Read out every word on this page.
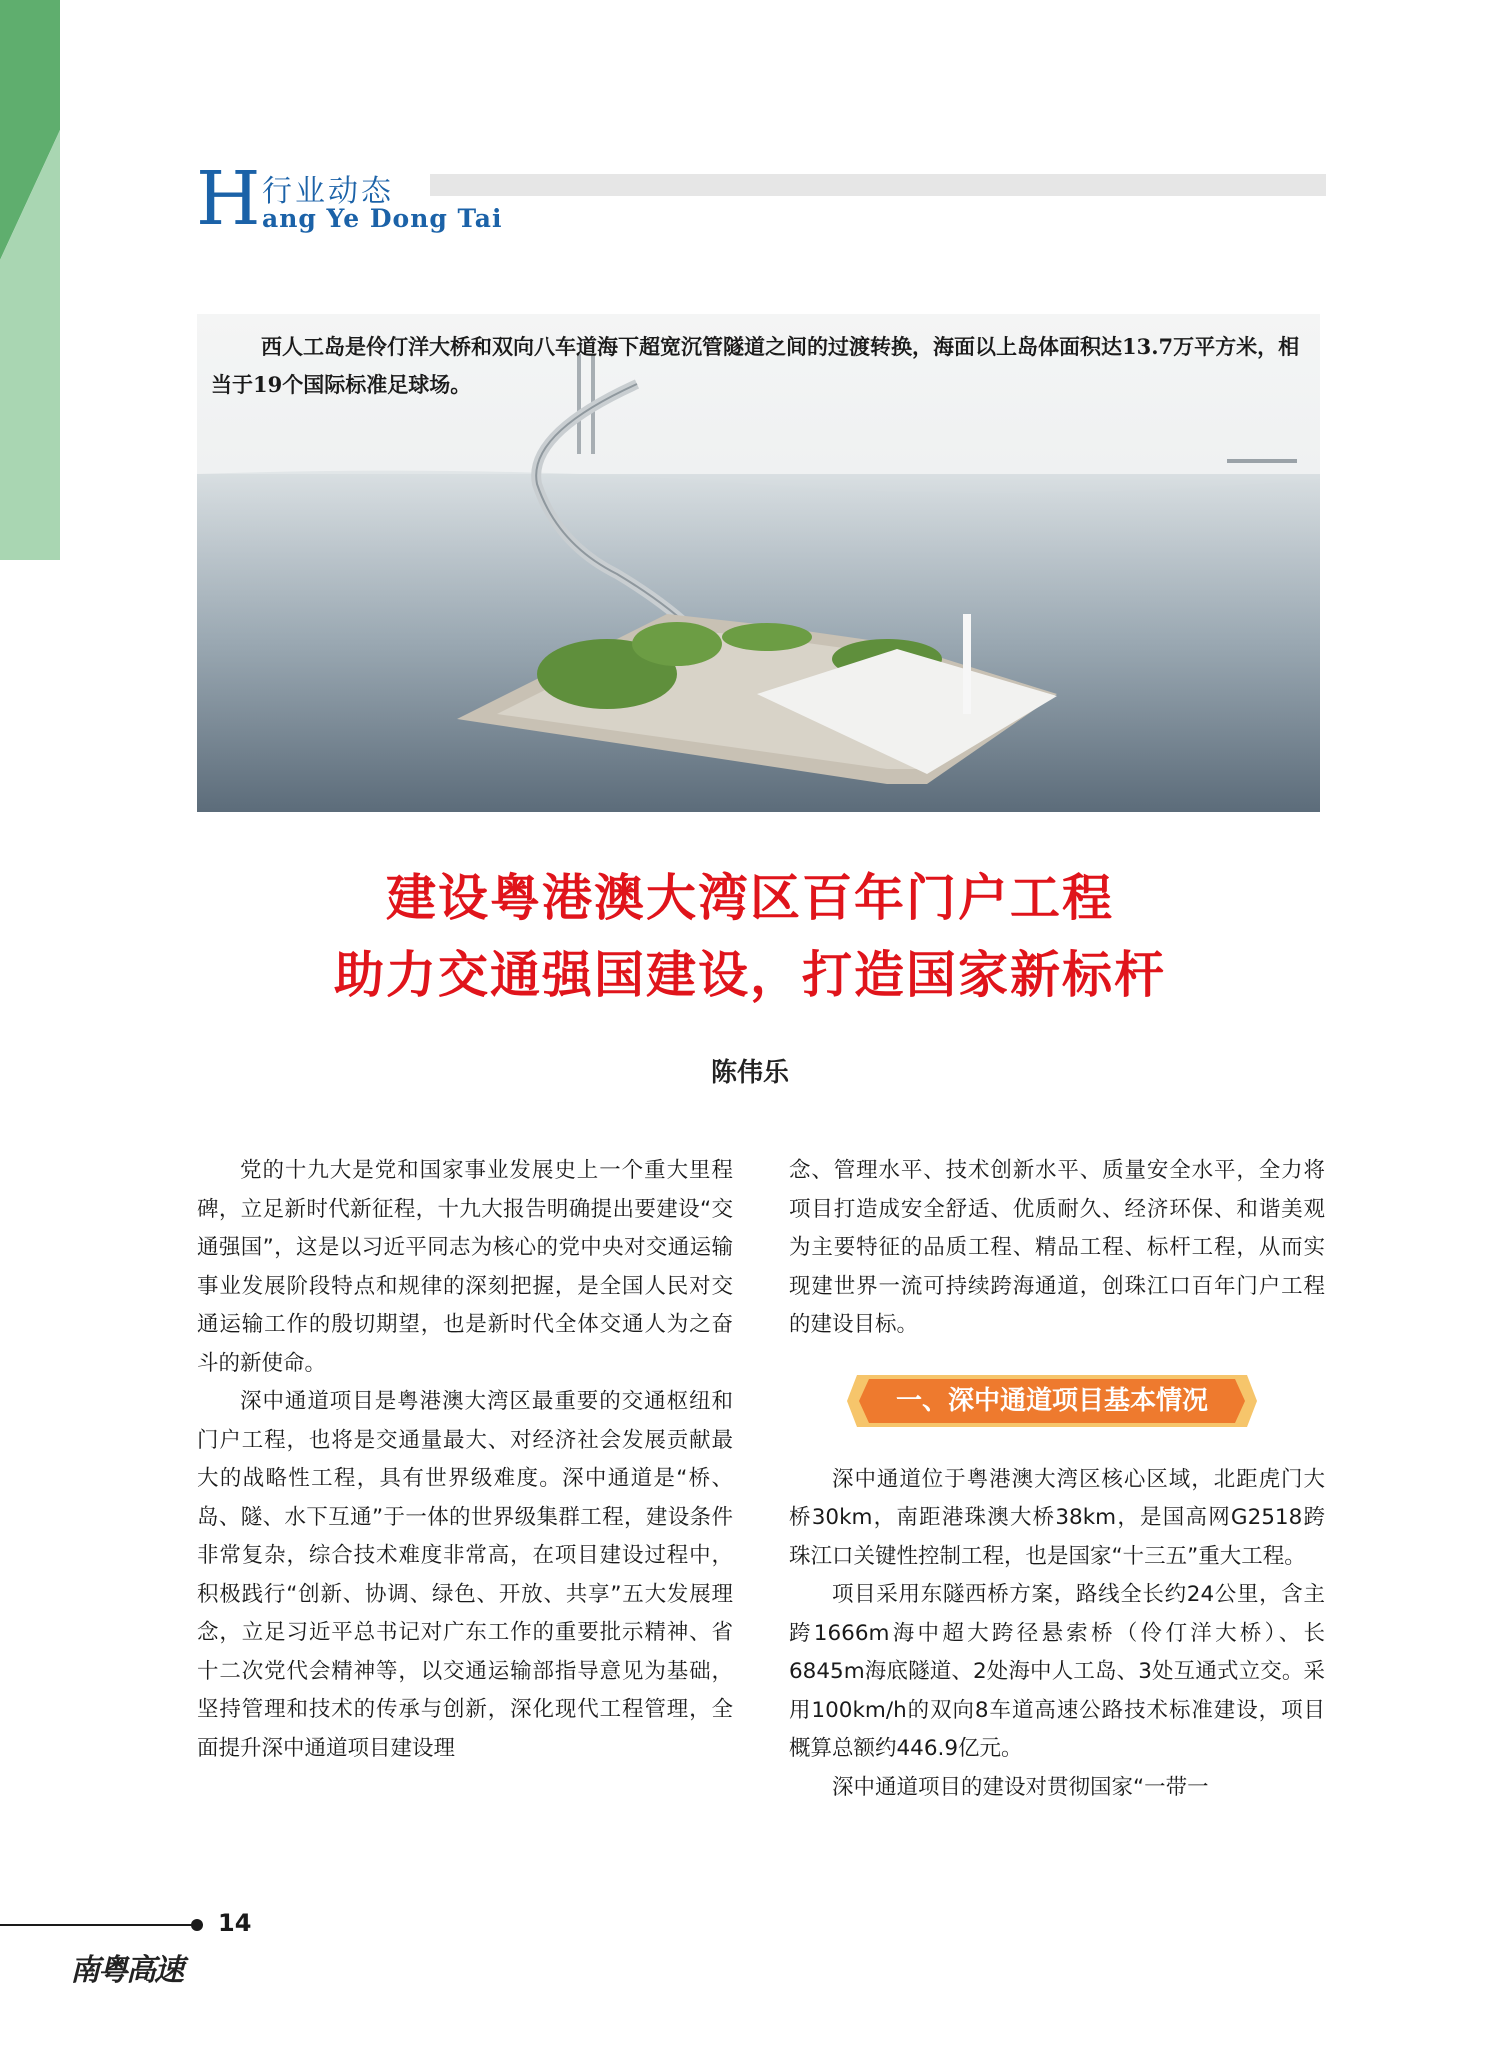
H 行业动态
ang Ye Dong Tai
西人工岛是伶仃洋大桥和双向八车道海下超宽沉管隧道之间的过渡转换，海面以上岛体面积达13.7万平方米，相当于19个国际标准足球场。
建设粤港澳大湾区百年门户工程
助力交通强国建设，打造国家新标杆
陈伟乐

党的十九大是党和国家事业发展史上一个重大里程碑，立足新时代新征程，十九大报告明确提出要建设“交通强国”，这是以习近平同志为核心的党中央对交通运输事业发展阶段特点和规律的深刻把握，是全国人民对交通运输工作的殷切期望，也是新时代全体交通人为之奋斗的新使命。

深中通道项目是粤港澳大湾区最重要的交通枢纽和门户工程，也将是交通量最大、对经济社会发展贡献最大的战略性工程，具有世界级难度。深中通道是“桥、岛、隧、水下互通”于一体的世界级集群工程，建设条件非常复杂，综合技术难度非常高，在项目建设过程中，积极践行“创新、协调、绿色、开放、共享”五大发展理念，立足习近平总书记对广东工作的重要批示精神、省十二次党代会精神等，以交通运输部指导意见为基础，坚持管理和技术的传承与创新，深化现代工程管理，全面提升深中通道项目建设理

念、管理水平、技术创新水平、质量安全水平，全力将项目打造成安全舒适、优质耐久、经济环保、和谐美观为主要特征的品质工程、精品工程、标杆工程，从而实现建世界一流可持续跨海通道，创珠江口百年门户工程的建设目标。

一、深中通道项目基本情况

深中通道位于粤港澳大湾区核心区域，北距虎门大桥30km，南距港珠澳大桥38km，是国高网G2518跨珠江口关键性控制工程，也是国家“十三五”重大工程。

项目采用东隧西桥方案，路线全长约24公里，含主跨1666m海中超大跨径悬索桥（伶仃洋大桥）、长6845m海底隧道、2处海中人工岛、3处互通式立交。采用100km/h的双向8车道高速公路技术标准建设，项目概算总额约446.9亿元。

深中通道项目的建设对贯彻国家“一带一

14
南粤高速
